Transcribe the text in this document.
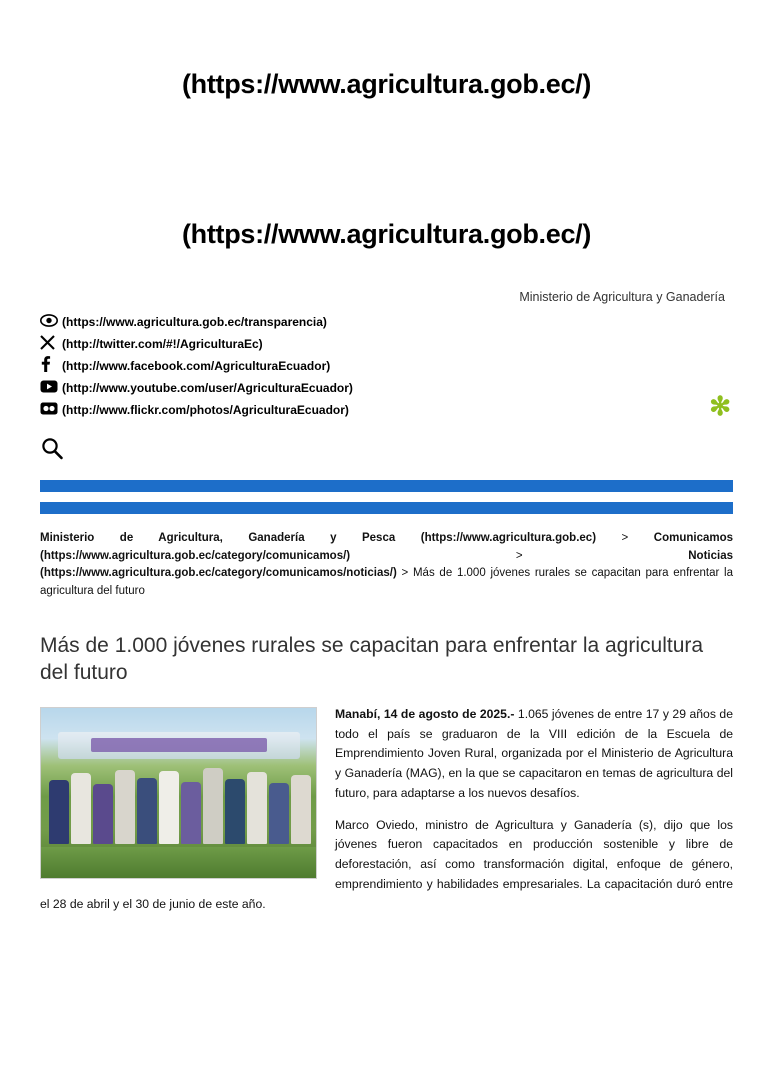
(https://www.agricultura.gob.ec/)
(https://www.agricultura.gob.ec/)
Ministerio de Agricultura y Ganadería
✻
(https://www.agricultura.gob.ec/transparencia)
(http://twitter.com/#!/AgriculturaEc)
(http://www.facebook.com/AgriculturaEcuador)
(http://www.youtube.com/user/AgriculturaEcuador)
(http://www.flickr.com/photos/AgriculturaEcuador)
Ministerio de Agricultura, Ganadería y Pesca (https://www.agricultura.gob.ec) > Comunicamos (https://www.agricultura.gob.ec/category/comunicamos/) > Noticias (https://www.agricultura.gob.ec/category/comunicamos/noticias/) > Más de 1.000 jóvenes rurales se capacitan para enfrentar la agricultura del futuro
Más de 1.000 jóvenes rurales se capacitan para enfrentar la agricultura del futuro

Manabí, 14 de agosto de 2025.- 1.065 jóvenes de entre 17 y 29 años de todo el país se graduaron de la VIII edición de la Escuela de Emprendimiento Joven Rural, organizada por el Ministerio de Agricultura y Ganadería (MAG), en la que se capacitaron en temas de agricultura del futuro, para adaptarse a los nuevos desafíos.

Marco Oviedo, ministro de Agricultura y Ganadería (s), dijo que los jóvenes fueron capacitados en producción sostenible y libre de deforestación, así como transformación digital, enfoque de género, emprendimiento y habilidades empresariales. La capacitación duró entre el 28 de abril y el 30 de junio de este año.
